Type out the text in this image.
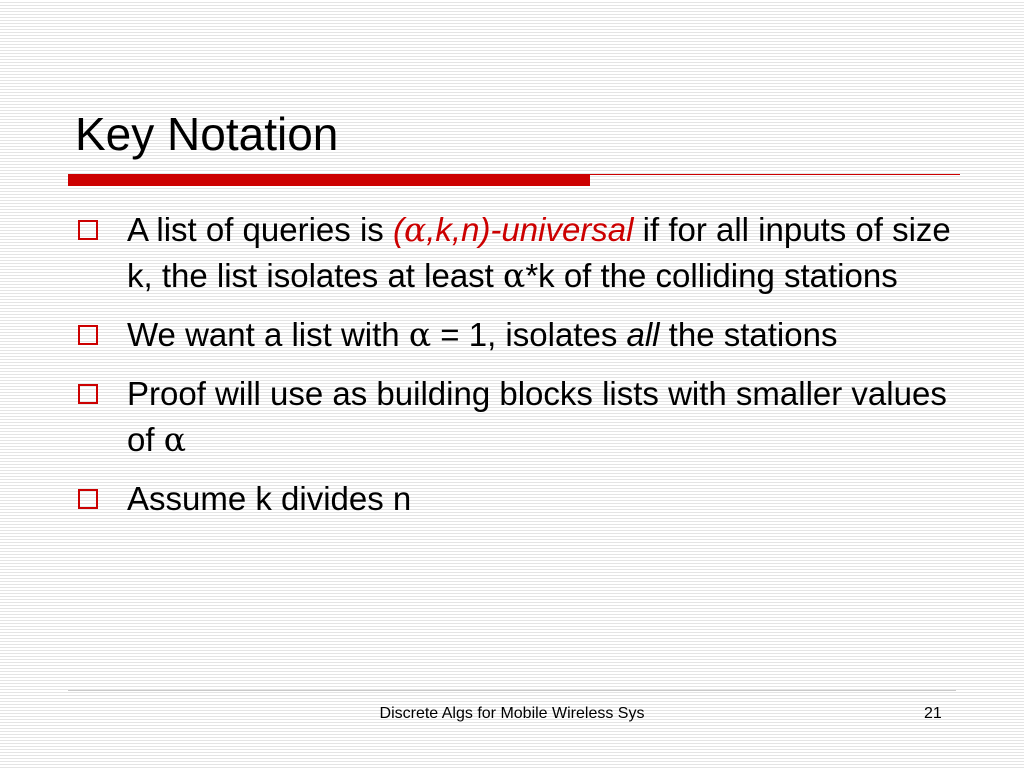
Key Notation
A list of queries is (α,k,n)-universal if for all inputs of size k, the list isolates at least α*k of the colliding stations
We want a list with α = 1, isolates all the stations
Proof will use as building blocks lists with smaller values of α
Assume k divides n
Discrete Algs for Mobile Wireless Sys	21
